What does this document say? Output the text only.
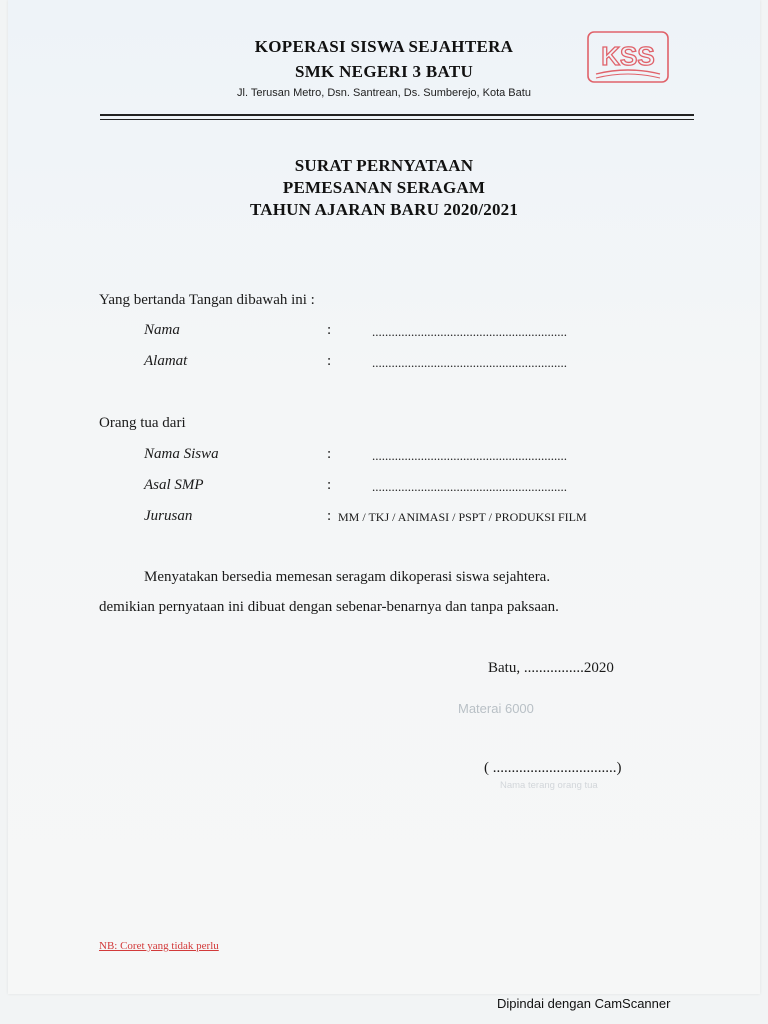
KOPERASI SISWA SEJAHTERA
SMK NEGERI 3 BATU
Jl. Terusan Metro, Dsn. Santrean, Ds. Sumberejo, Kota Batu
KSS
SURAT PERNYATAAN
PEMESANAN SERAGAM
TAHUN AJARAN BARU 2020/2021
Yang bertanda Tangan dibawah ini :
Nama	:	............................................................
Alamat	:	............................................................
Orang tua dari
Nama Siswa	:	............................................................
Asal SMP	:	............................................................
Jurusan	: MM / TKJ / ANIMASI / PSPT / PRODUKSI FILM
Menyatakan bersedia memesan seragam dikoperasi siswa sejahtera.
demikian pernyataan ini dibuat dengan sebenar-benarnya dan tanpa paksaan.
Batu, ................2020
Materai 6000
( .................................)
Nama terang orang tua
NB: Coret yang tidak perlu
Dipindai dengan CamScanner
